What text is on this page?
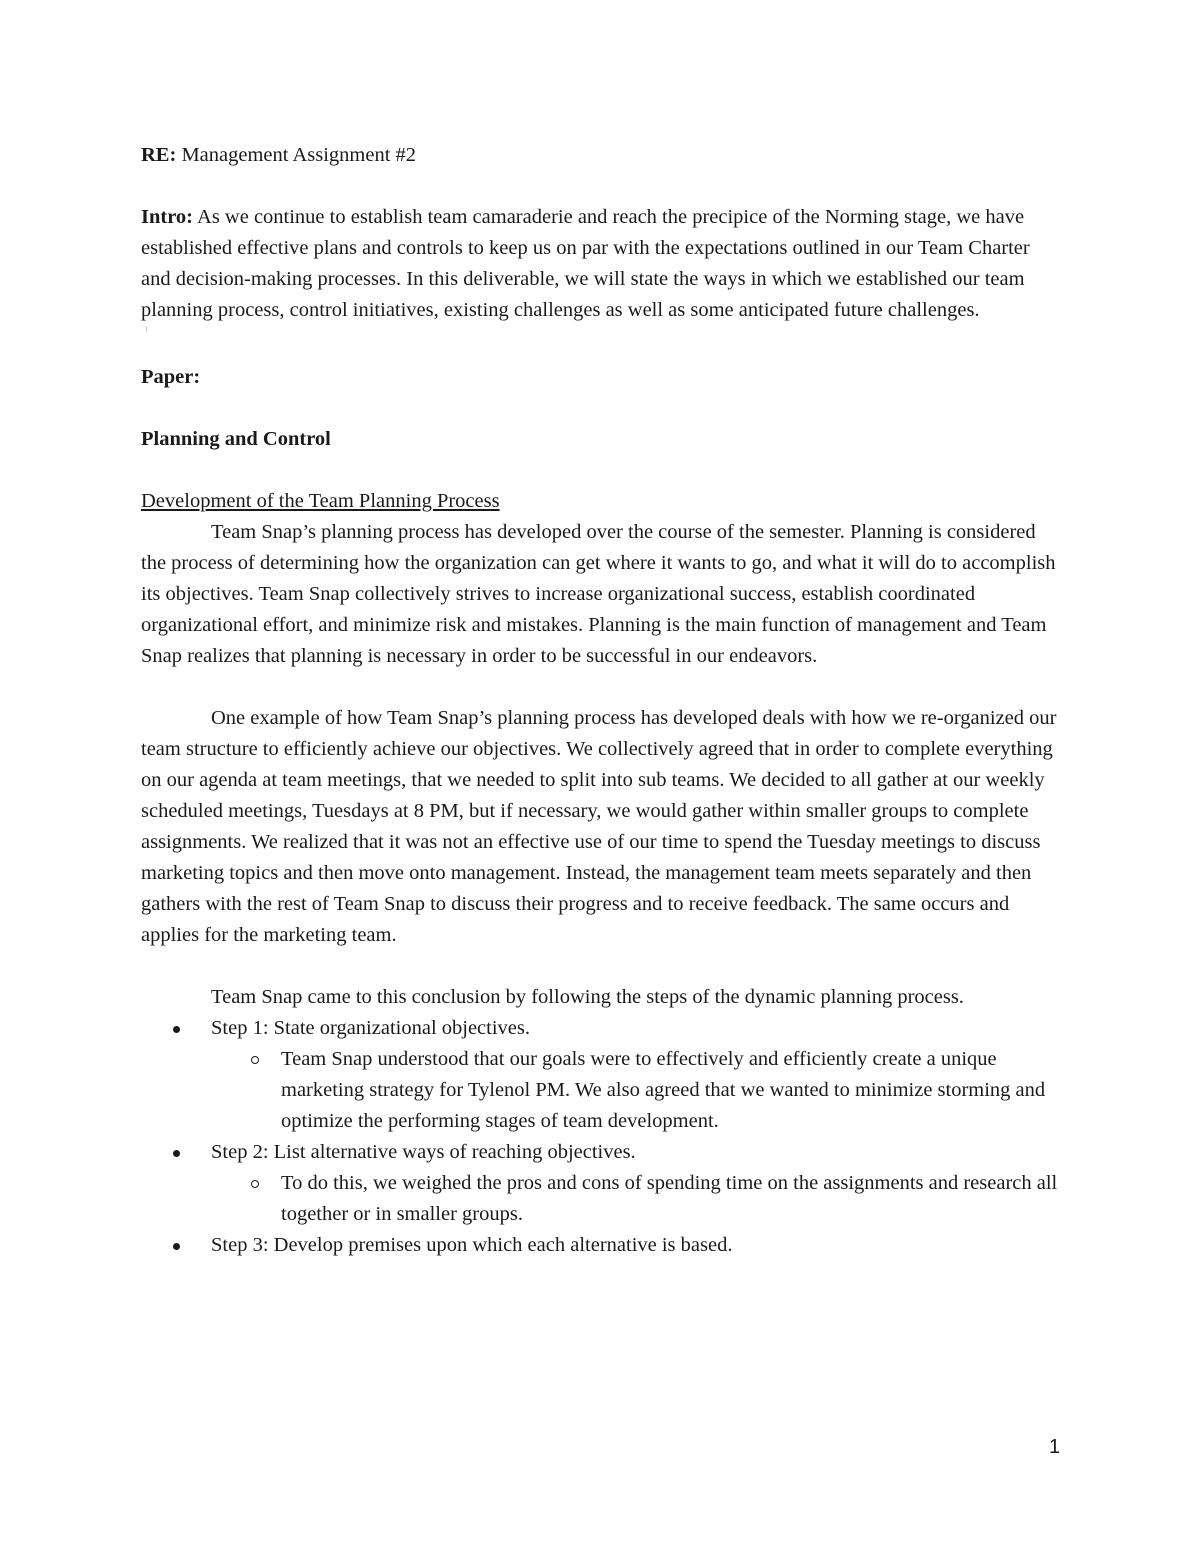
RE: Management Assignment #2

Intro: As we continue to establish team camaraderie and reach the precipice of the Norming stage, we have established effective plans and controls to keep us on par with the expectations outlined in our Team Charter and decision-making processes. In this deliverable, we will state the ways in which we established our team planning process, control initiatives, existing challenges as well as some anticipated future challenges.

Paper:

Planning and Control

Development of the Team Planning Process

Team Snap’s planning process has developed over the course of the semester. Planning is considered the process of determining how the organization can get where it wants to go, and what it will do to accomplish its objectives. Team Snap collectively strives to increase organizational success, establish coordinated organizational effort, and minimize risk and mistakes. Planning is the main function of management and Team Snap realizes that planning is necessary in order to be successful in our endeavors.

One example of how Team Snap’s planning process has developed deals with how we re-organized our team structure to efficiently achieve our objectives. We collectively agreed that in order to complete everything on our agenda at team meetings, that we needed to split into sub teams. We decided to all gather at our weekly scheduled meetings, Tuesdays at 8 PM, but if necessary, we would gather within smaller groups to complete assignments. We realized that it was not an effective use of our time to spend the Tuesday meetings to discuss marketing topics and then move onto management. Instead, the management team meets separately and then gathers with the rest of Team Snap to discuss their progress and to receive feedback. The same occurs and applies for the marketing team.

Team Snap came to this conclusion by following the steps of the dynamic planning process.

Step 1: State organizational objectives.
Team Snap understood that our goals were to effectively and efficiently create a unique marketing strategy for Tylenol PM. We also agreed that we wanted to minimize storming and optimize the performing stages of team development.
Step 2: List alternative ways of reaching objectives.
To do this, we weighed the pros and cons of spending time on the assignments and research all together or in smaller groups.
Step 3: Develop premises upon which each alternative is based.
1
